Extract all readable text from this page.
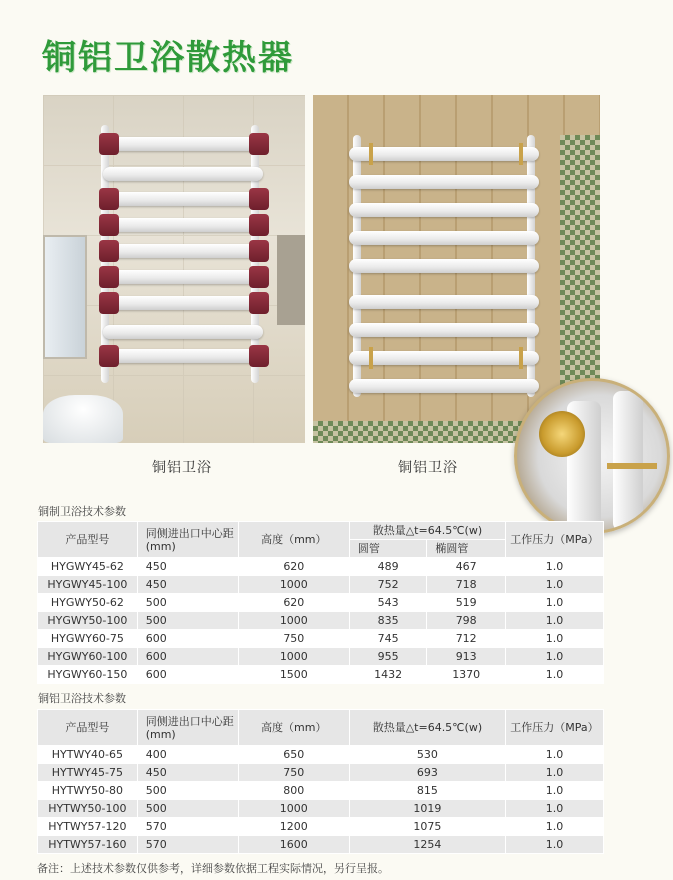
铜铝卫浴散热器
铜铝卫浴	铜铝卫浴
铜制卫浴技术参数
产品型号	同侧进出口中心距
(mm)	高度（mm）	散热量△t=64.5℃(w)		工作压力（MPa）
			圆管	椭圆管	
HYGWY45-62	450	620	489	467	1.0
HYGWY45-100	450	1000	752	718	1.0
HYGWY50-62	500	620	543	519	1.0
HYGWY50-100	500	1000	835	798	1.0
HYGWY60-75	600	750	745	712	1.0
HYGWY60-100	600	1000	955	913	1.0
HYGWY60-150	600	1500	1432	1370	1.0
铜铝卫浴技术参数
产品型号	同侧进出口中心距
(mm)	高度（mm）	散热量△t=64.5℃(w)	工作压力（MPa）
HYTWY40-65	400	650	530	1.0
HYTWY45-75	450	750	693	1.0
HYTWY50-80	500	800	815	1.0
HYTWY50-100	500	1000	1019	1.0
HYTWY57-120	570	1200	1075	1.0
HYTWY57-160	570	1600	1254	1.0
备注：上述技术参数仅供参考，详细参数依据工程实际情况，另行呈报。
